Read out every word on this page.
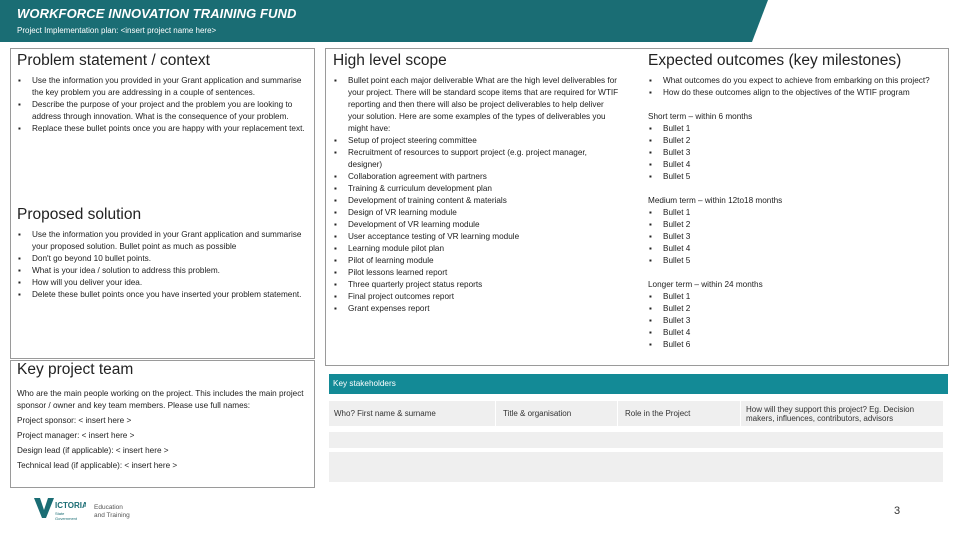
WORKFORCE INNOVATION TRAINING FUND
Project Implementation plan: <insert project name here>
Problem statement / context
▪ Use the information you provided in your Grant application and summarise the key problem you are addressing in a couple of sentences.
▪ Describe the purpose of your project and the problem you are looking to address through innovation. What is the consequence of your problem.
▪ Replace these bullet points once you are happy with your replacement text.
Proposed solution
▪ Use the information you provided in your Grant application and summarise your proposed solution. Bullet point as much as possible
▪ Don't go beyond 10 bullet points.
▪ What is your idea / solution to address this problem.
▪ How will you deliver your idea.
▪ Delete these bullet points once you have inserted your problem statement.
High level scope
▪ Bullet point each major deliverable What are the high level deliverables for your project. There will be standard scope items that are required for WTIF reporting and then there will also be project deliverables to help deliver your solution. Here are some examples of the types of deliverables you might have:
▪ Setup of project steering committee
▪ Recruitment of resources to support project (e.g. project manager, designer)
▪ Collaboration agreement with partners
▪ Training & curriculum development plan
▪ Development of training content & materials
▪ Design of VR learning module
▪ Development of VR learning module
▪ User acceptance testing of VR learning module
▪ Learning module pilot plan
▪ Pilot of learning module
▪ Pilot lessons learned report
▪ Three quarterly project status reports
▪ Final project outcomes report
▪ Grant expenses report
Expected outcomes (key milestones)
▪ What outcomes do you expect to achieve from embarking on this project?
▪ How do these outcomes align to the objectives of the WTIF program
Short term – within 6 months
▪ Bullet 1
▪ Bullet 2
▪ Bullet 3
▪ Bullet 4
▪ Bullet 5
Medium term – within 12to18 months
▪ Bullet 1
▪ Bullet 2
▪ Bullet 3
▪ Bullet 4
▪ Bullet 5
Longer term – within 24 months
▪ Bullet 1
▪ Bullet 2
▪ Bullet 3
▪ Bullet 4
▪ Bullet 6
Key project team
Who are the main people working on the project. This includes the main project sponsor / owner and key team members. Please use full names:
Project sponsor: < insert here >
Project manager: < insert here >
Design lead (if applicable): < insert here >
Technical lead (if applicable): < insert here >
Key stakeholders
Who? First name & surname	Title & organisation	Role in the Project	How will they support this project? Eg. Decision makers, influences, contributors, advisors
ICTORIA
State
Government
Education
and Training	3
